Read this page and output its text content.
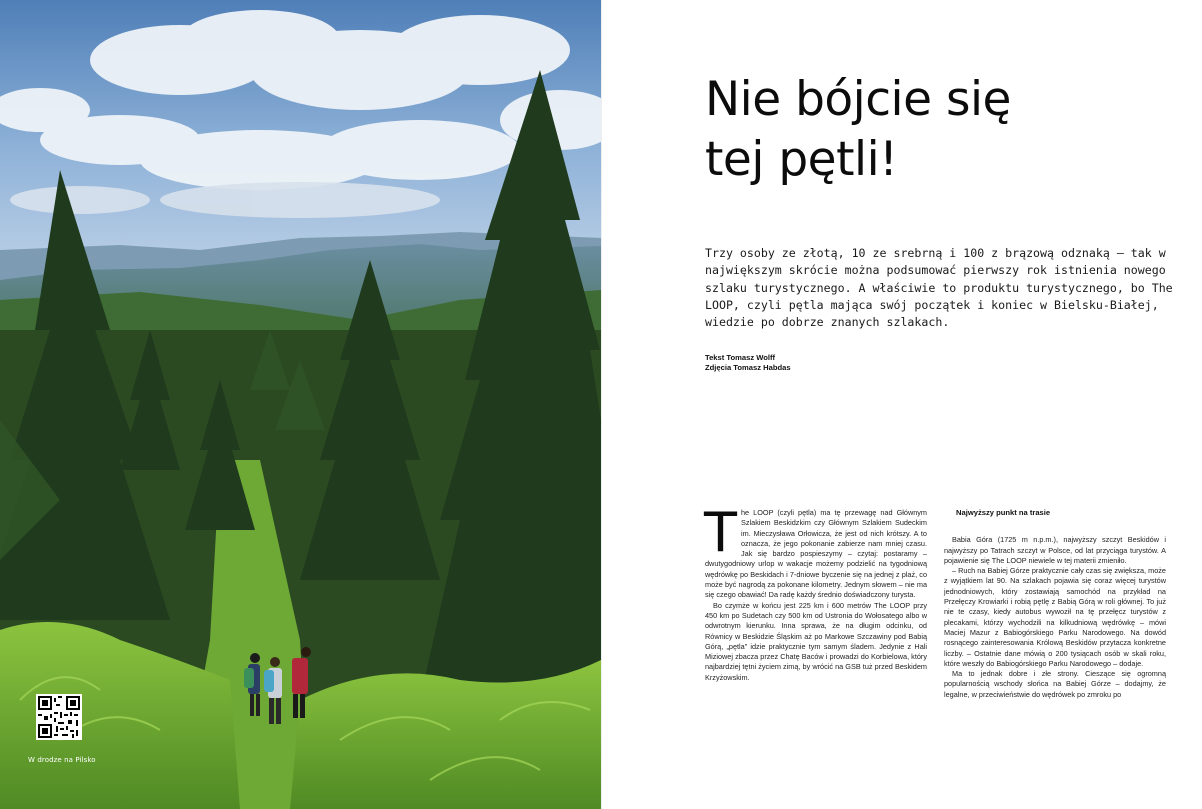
W drodze na Pilsko
Nie bójcie się
tej pętli!

Trzy osoby ze złotą, 10 ze srebrną i 100 z brązową odznaką – tak w największym skrócie można podsumować pierwszy rok istnienia nowego szlaku turystycznego. A właściwie to produktu turystycznego, bo The LOOP, czyli pętla mająca swój początek i koniec w Bielsku-Białej, wiedzie po dobrze znanych szlakach.

Tekst Tomasz Wolff
Zdjęcia Tomasz Habdas
T he LOOP (czyli pętla) ma tę przewagę nad Głównym Szlakiem Beskidzkim czy Głównym Szlakiem Sudeckim im. Mieczysława Orłowicza, że jest od nich krótszy. A to oznacza, że jego pokonanie zabierze nam mniej czasu. Jak się bardzo pospieszymy – czytaj: postaramy – dwutygodniowy urlop w wakacje możemy podzielić na tygodniową wędrówkę po Beskidach i 7-dniowe byczenie się na jednej z plaż, co może być nagrodą za pokonane kilometry. Jednym słowem – nie ma się czego obawiać! Da radę każdy średnio doświadczony turysta.

Bo czymże w końcu jest 225 km i 600 metrów The LOOP przy 450 km po Sudetach czy 500 km od Ustronia do Wołosatego albo w odwrotnym kierunku. Inna sprawa, że na długim odcinku, od Równicy w Beskidzie Śląskim aż po Markowe Szczawiny pod Babią Górą, „pętla” idzie praktycznie tym samym śladem. Jedynie z Hali Miziowej zbacza przez Chatę Baców i prowadzi do Korbielowa, który najbardziej tętni życiem zimą, by wrócić na GSB tuż przed Beskidem Krzyżowskim.

Najwyższy punkt na trasie

Babia Góra (1725 m n.p.m.), najwyższy szczyt Beskidów i najwyższy po Tatrach szczyt w Polsce, od lat przyciąga turystów. A pojawienie się The LOOP niewiele w tej materii zmieniło.

– Ruch na Babiej Górze praktycznie cały czas się zwiększa, może z wyjątkiem lat 90. Na szlakach pojawia się coraz więcej turystów jednodniowych, który zostawiają samochód na przykład na Przełęczy Krowiarki i robią pętlę z Babią Górą w roli głównej. To już nie te czasy, kiedy autobus wywoził na tę przełęcz turystów z plecakami, którzy wychodzili na kilkudniową wędrówkę – mówi Maciej Mazur z Babiogórskiego Parku Narodowego. Na dowód rosnącego zainteresowania Królową Beskidów przytacza konkretne liczby. – Ostatnie dane mówią o 200 tysiącach osób w skali roku, które weszły do Babiogórskiego Parku Narodowego – dodaje.

Ma to jednak dobre i złe strony. Cieszące się ogromną popularnością wschody słońca na Babiej Górze – dodajmy, że legalne, w przeciwieństwie do wędrówek po zmroku po
